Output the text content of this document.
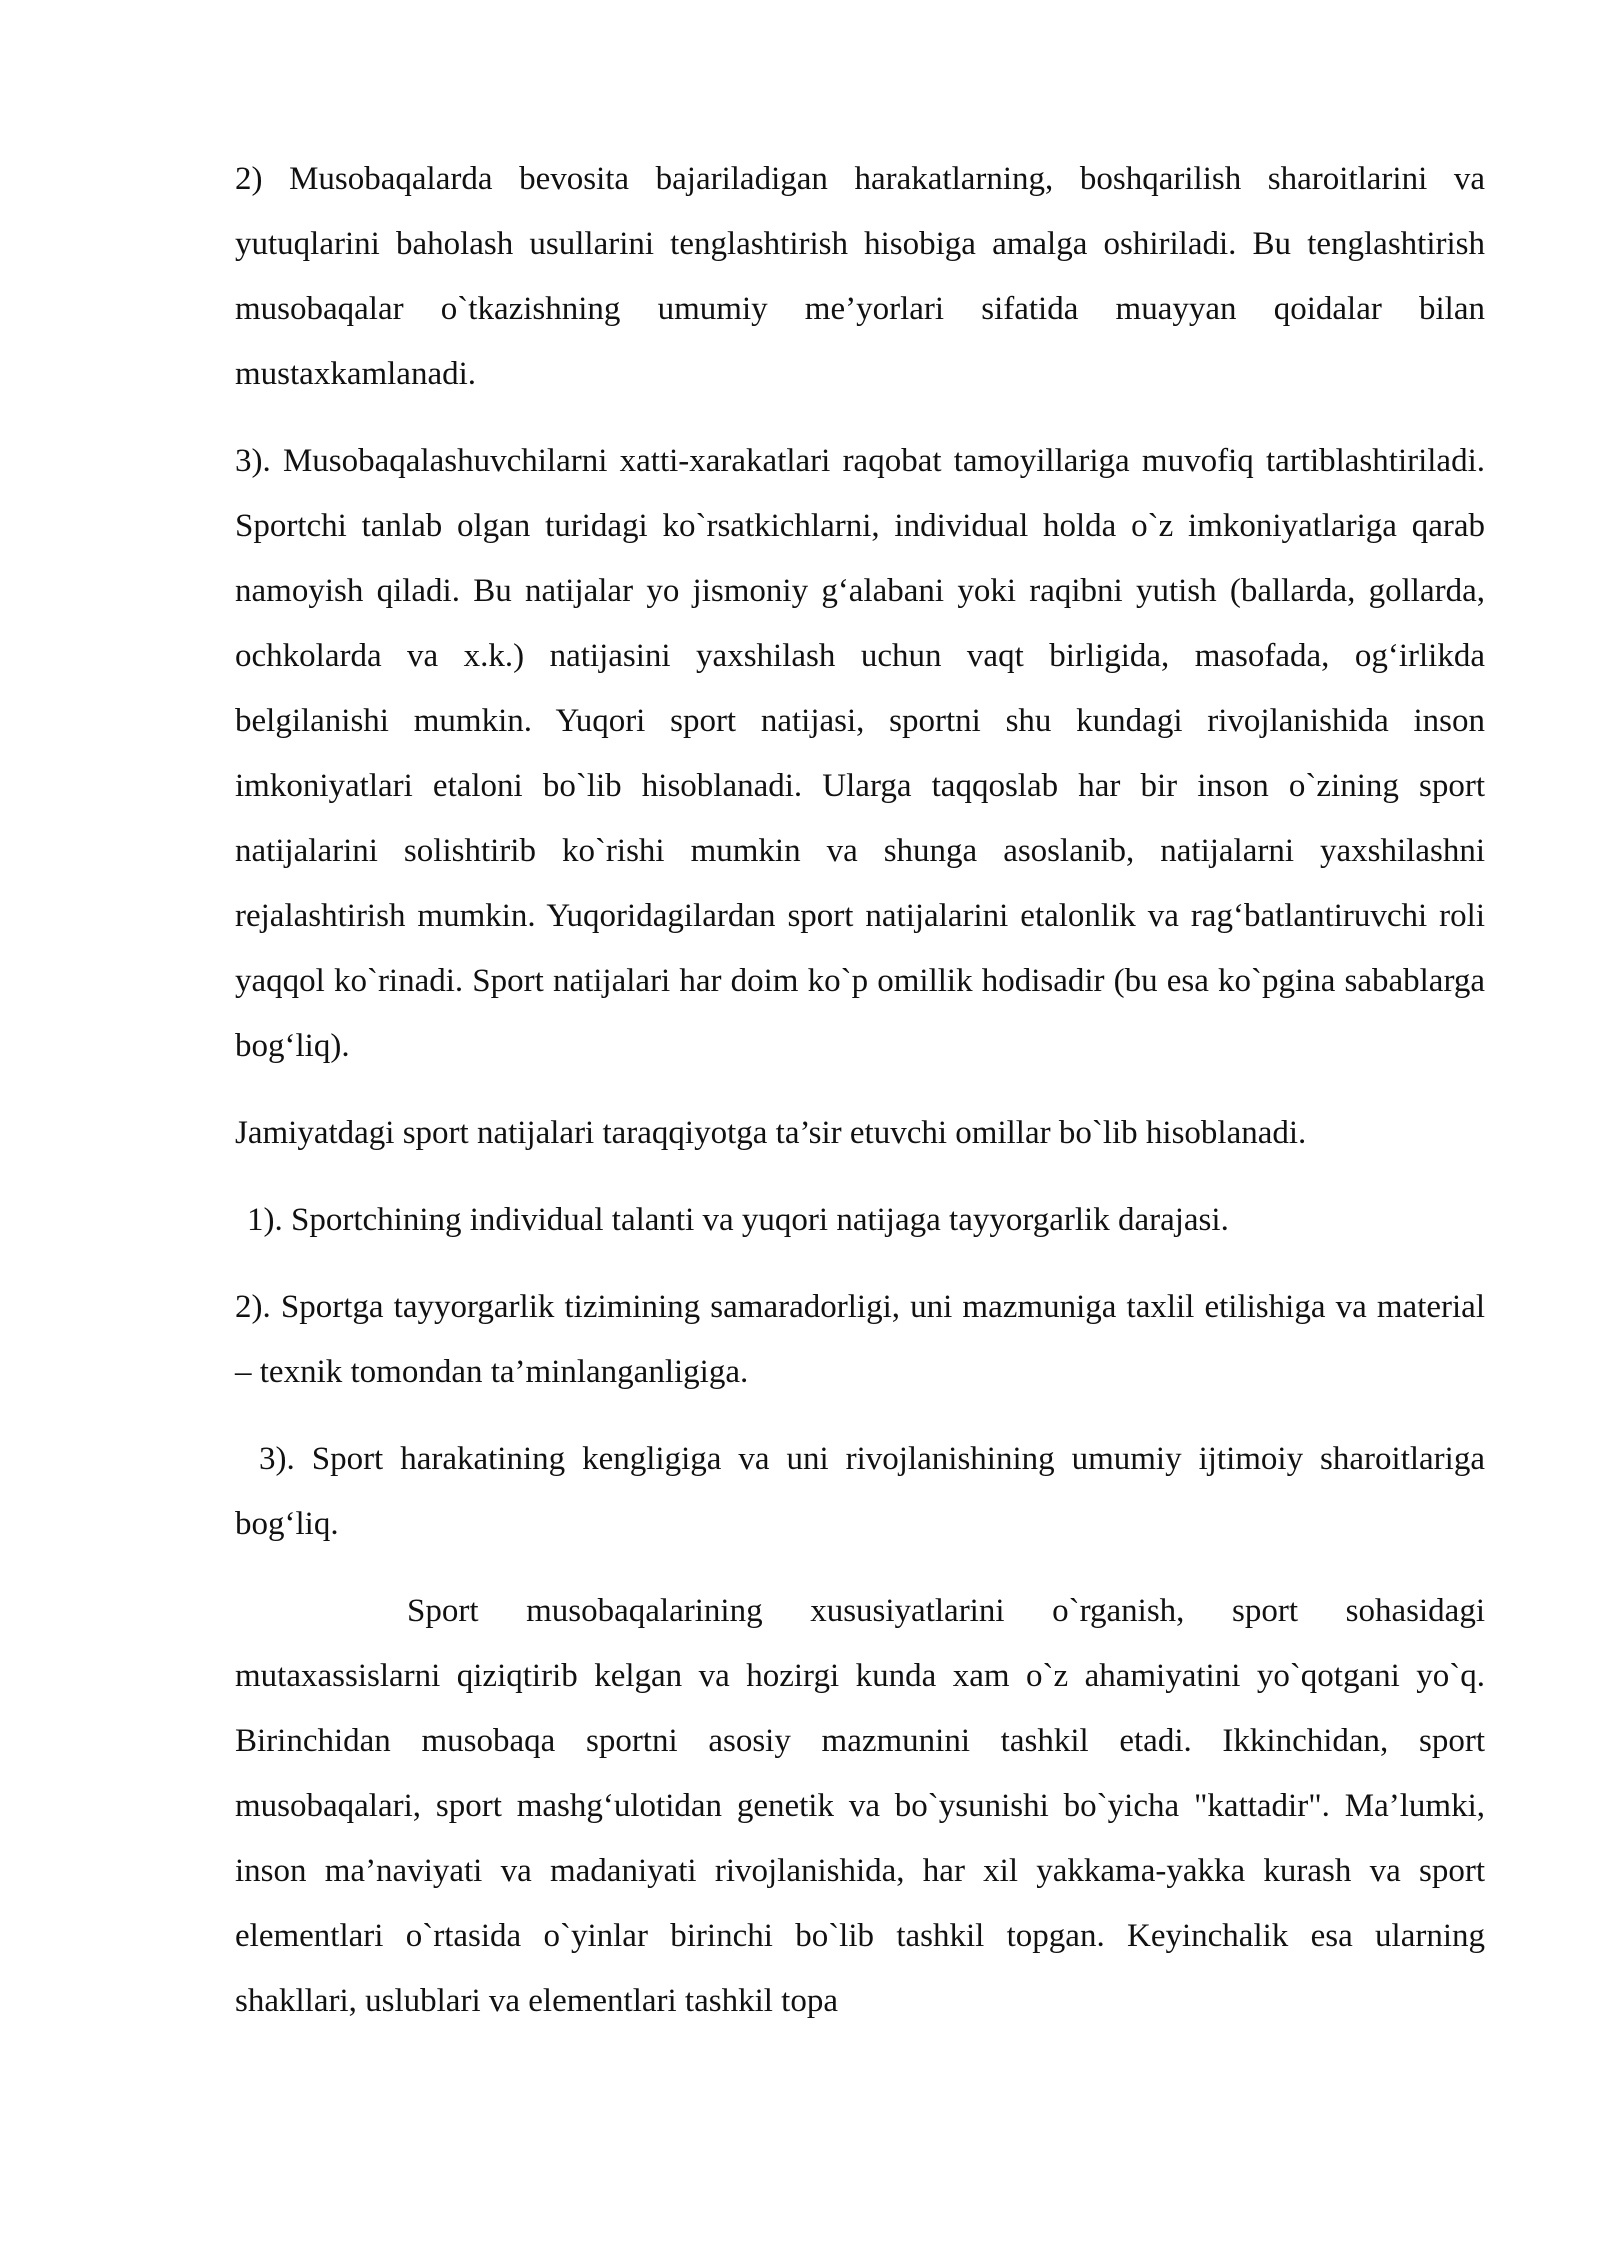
2) Musobaqalarda bevosita bajariladigan harakatlarning, boshqarilish sharoitlarini va yutuqlarini baholash usullarini tenglashtirish hisobiga amalga oshiriladi. Bu tenglashtirish musobaqalar o`tkazishning umumiy me’yorlari sifatida muayyan qoidalar bilan mustaxkamlanadi.

3). Musobaqalashuvchilarni xatti-xarakatlari raqobat tamoyillariga muvofiq tartiblashtiriladi. Sportchi tanlab olgan turidagi ko`rsatkichlarni, individual holda o`z imkoniyatlariga qarab namoyish qiladi. Bu natijalar yo jismoniy g‘alabani yoki raqibni yutish (ballarda, gollarda, ochkolarda va x.k.) natijasini yaxshilash uchun vaqt birligida, masofada, og‘irlikda belgilanishi mumkin. Yuqori sport natijasi, sportni shu kundagi rivojlanishida inson imkoniyatlari etaloni bo`lib hisoblanadi. Ularga taqqoslab har bir inson o`zining sport natijalarini solishtirib ko`rishi mumkin va shunga asoslanib, natijalarni yaxshilashni rejalashtirish mumkin. Yuqoridagilardan sport natijalarini etalonlik va rag‘batlantiruvchi roli yaqqol ko`rinadi. Sport natijalari har doim ko`p omillik hodisadir (bu esa ko`pgina sabablarga bog‘liq).

Jamiyatdagi sport natijalari taraqqiyotga ta’sir etuvchi omillar bo`lib hisoblanadi.

1). Sportchining individual talanti va yuqori natijaga tayyorgarlik darajasi.

2). Sportga tayyorgarlik tizimining samaradorligi, uni mazmuniga taxlil etilishiga va material – texnik tomondan ta’minlanganligiga.

3). Sport harakatining kengligiga va uni rivojlanishining umumiy ijtimoiy sharoitlariga bog‘liq.

Sport musobaqalarining xususiyatlarini o`rganish, sport sohasidagi mutaxassislarni qiziqtirib kelgan va hozirgi kunda xam o`z ahamiyatini yo`qotgani yo`q. Birinchidan musobaqa sportni asosiy mazmunini tashkil etadi. Ikkinchidan, sport musobaqalari, sport mashg‘ulotidan genetik va bo`ysunishi bo`yicha "kattadir". Ma’lumki, inson ma’naviyati va madaniyati rivojlanishida, har xil yakkama-yakka kurash va sport elementlari o`rtasida o`yinlar birinchi bo`lib tashkil topgan. Keyinchalik esa ularning shakllari, uslublari va elementlari tashkil topa
